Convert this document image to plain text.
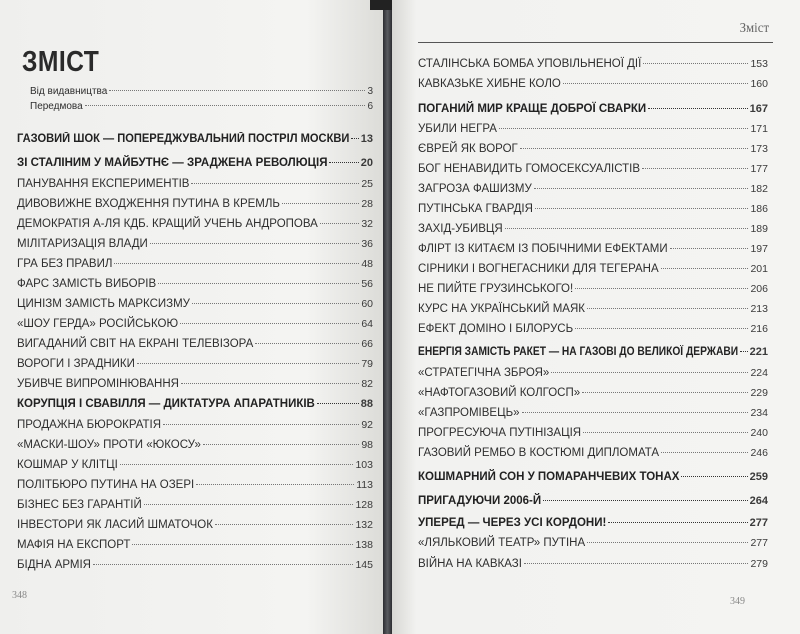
ЗМІСТ
Від видавництва	3
Передмова	6
ГАЗОВИЙ ШОК — ПОПЕРЕДЖУВАЛЬНИЙ ПОСТРІЛ МОСКВИ 13
ЗІ СТАЛІНИМ У МАЙБУТНЄ — ЗРАДЖЕНА РЕВОЛЮЦІЯ	20
ПАНУВАННЯ ЕКСПЕРИМЕНТІВ	25
ДИВОВИЖНЕ ВХОДЖЕННЯ ПУТИНА В КРЕМЛЬ	28
ДЕМОКРАТІЯ А-ЛЯ КДБ. КРАЩИЙ УЧЕНЬ АНДРОПОВА	32
МІЛІТАРИЗАЦІЯ ВЛАДИ	36
ГРА БЕЗ ПРАВИЛ	48
ФАРС ЗАМІСТЬ ВИБОРІВ	56
ЦИНІЗМ ЗАМІСТЬ МАРКСИЗМУ	60
«ШОУ ГЕРДА» РОСІЙСЬКОЮ	64
ВИГАДАНИЙ СВІТ НА ЕКРАНІ ТЕЛЕВІЗОРА	66
ВОРОГИ І ЗРАДНИКИ	79
УБИВЧЕ ВИПРОМІНЮВАННЯ	82
КОРУПЦІЯ І СВАВІЛЛЯ — ДИКТАТУРА АПАРАТНИКІВ	88
ПРОДАЖНА БЮРОКРАТІЯ	92
«МАСКИ-ШОУ» ПРОТИ «ЮКОСУ»	98
КОШМАР У КЛІТЦІ	103
ПОЛІТБЮРО ПУТИНА НА ОЗЕРІ	113
БІЗНЕС БЕЗ ГАРАНТІЙ	128
ІНВЕСТОРИ ЯК ЛАСИЙ ШМАТОЧОК	132
МАФІЯ НА ЕКСПОРТ	138
БІДНА АРМІЯ	145
348
Зміст
СТАЛІНСЬКА БОМБА УПОВІЛЬНЕНОЇ ДІЇ	153
КАВКАЗЬКЕ ХИБНЕ КОЛО	160
ПОГАНИЙ МИР КРАЩЕ ДОБРОЇ СВАРКИ	167
УБИЛИ НЕГРА	171
ЄВРЕЙ ЯК ВОРОГ	173
БОГ НЕНАВИДИТЬ ГОМОСЕКСУАЛІСТІВ	177
ЗАГРОЗА ФАШИЗМУ	182
ПУТІНСЬКА ГВАРДІЯ	186
ЗАХІД-УБИВЦЯ	189
ФЛІРТ ІЗ КИТАЄМ ІЗ ПОБІЧНИМИ ЕФЕКТАМИ	197
СІРНИКИ І ВОГНЕГАСНИКИ ДЛЯ ТЕГЕРАНА	201
НЕ ПИЙТЕ ГРУЗИНСЬКОГО!	206
КУРС НА УКРАЇНСЬКИЙ МАЯК	213
ЕФЕКТ ДОМІНО І БІЛОРУСЬ	216
ЕНЕРГІЯ ЗАМІСТЬ РАКЕТ — НА ГАЗОВІ ДО ВЕЛИКОЇ ДЕРЖАВИ 221
«СТРАТЕГІЧНА ЗБРОЯ»	224
«НАФТОГАЗОВИЙ КОЛГОСП»	229
«ГАЗПРОМІВЕЦЬ»	234
ПРОГРЕСУЮЧА ПУТІНІЗАЦІЯ	240
ГАЗОВИЙ РЕМБО В КОСТЮМІ ДИПЛОМАТА	246
КОШМАРНИЙ СОН У ПОМАРАНЧЕВИХ ТОНАХ	259
ПРИГАДУЮЧИ 2006-Й	264
УПЕРЕД — ЧЕРЕЗ УСІ КОРДОНИ!	277
«ЛЯЛЬКОВИЙ ТЕАТР» ПУТІНА	277
ВІЙНА НА КАВКАЗІ	279
349
